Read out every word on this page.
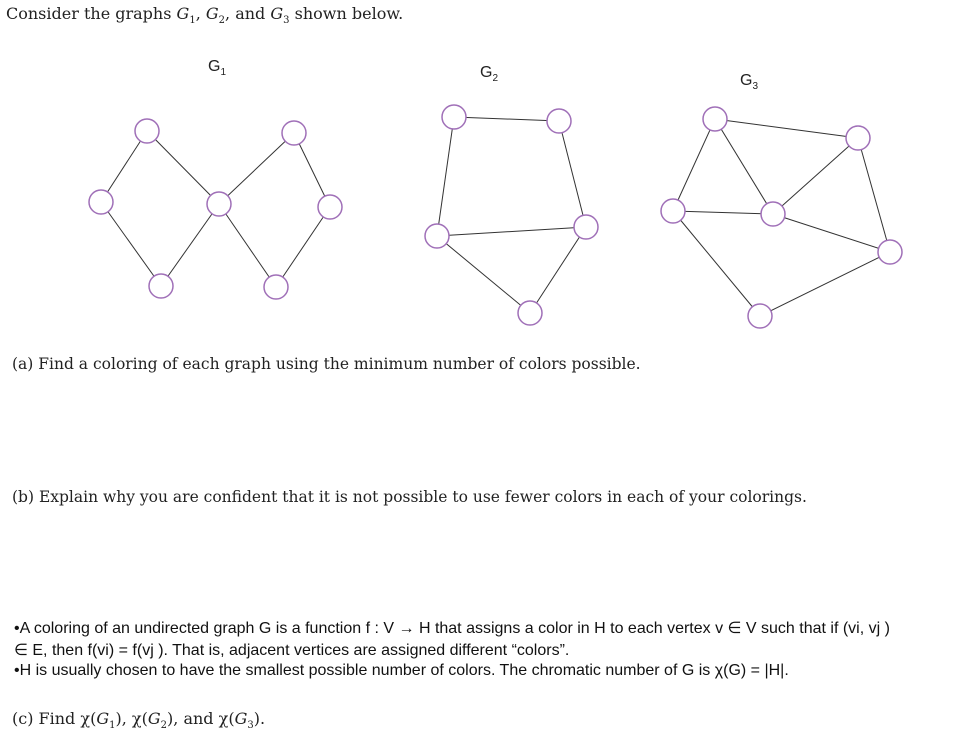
Consider the graphs $G_1$, $G_2$, and $G_3$ shown below.
$G_1$	$G_2$	$G_3$
(a) Find a coloring of each graph using the minimum number of colors possible.
(b) Explain why you are confident that it is not possible to use fewer colors in each of your colorings.
•A coloring of an undirected graph G is a function f : V → H that assigns a color in H to each vertex v ∈ V such that if (vi, vj )
∈ E, then f(vi) = f(vj ). That is, adjacent vertices are assigned different “colors”.
•H is usually chosen to have the smallest possible number of colors. The chromatic number of G is χ(G) = |H|.
(c) Find $\chi(G_1)$, $\chi(G_2)$, and $\chi(G_3)$.
